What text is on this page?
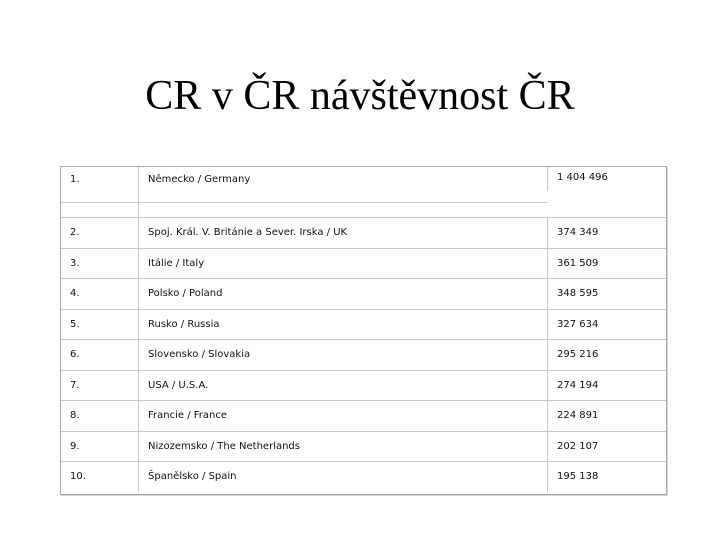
CR v ČR návštěvnost ČR
1.	Německo / Germany	1 404 496

2.	Spoj. Král. V. Británie a Sever. Irska / UK	374 349
3.	Itálie / Italy	361 509
4.	Polsko / Poland	348 595
5.	Rusko / Russia	327 634
6.	Slovensko / Slovakia	295 216
7.	USA / U.S.A.	274 194
8.	Francie / France	224 891
9.	Nizozemsko / The Netherlands	202 107
10.	Španělsko / Spain	195 138
